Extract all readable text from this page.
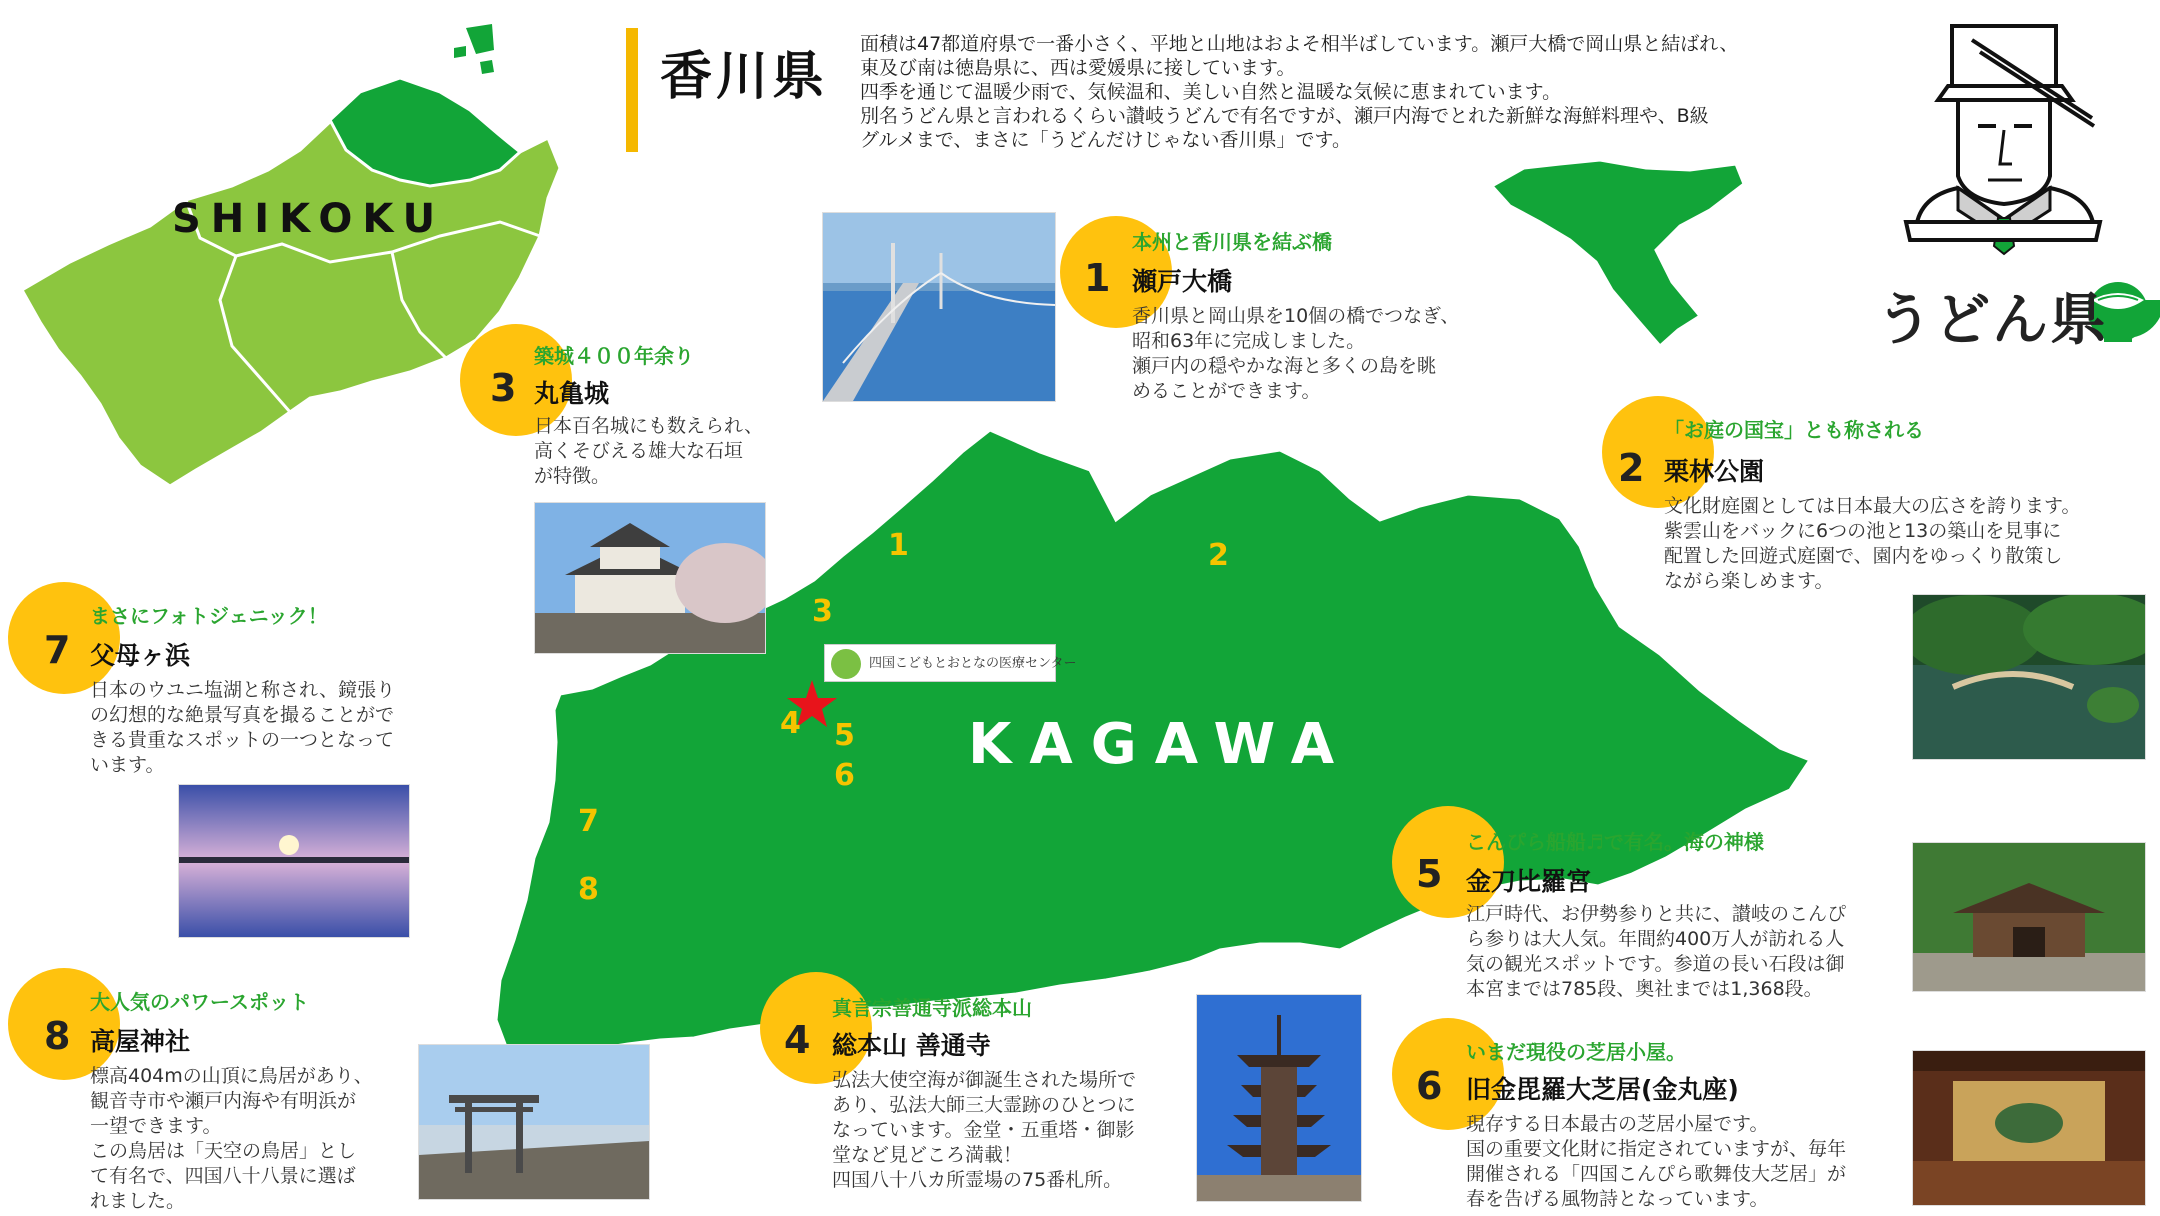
香川県
面積は47都道府県で一番小さく、平地と山地はおよそ相半ばしています。瀬戸大橋で岡山県と結ばれ、
東及び南は徳島県に、西は愛媛県に接しています。
四季を通じて温暖少雨で、気候温和、美しい自然と温暖な気候に恵まれています。
別名うどん県と言われるくらい讃岐うどんで有名ですが、瀬戸内海でとれた新鮮な海鮮料理や、B級
グルメまで、まさに「うどんだけじゃない香川県」です。
うどん県
SHIKOKU
KAGAWA
四国こどもとおとなの医療センター
1	2
3
4 5
6
7
8
1
本州と香川県を結ぶ橋
瀬戸大橋
香川県と岡山県を10個の橋でつなぎ、
昭和63年に完成しました。
瀬戸内の穏やかな海と多くの島を眺
めることができます。
2
「お庭の国宝」とも称される
栗林公園
文化財庭園としては日本最大の広さを誇ります。
紫雲山をバックに6つの池と13の築山を見事に
配置した回遊式庭園で、園内をゆっくり散策し
ながら楽しめます。
3
築城４００年余り
丸亀城
日本百名城にも数えられ、
高くそびえる雄大な石垣
が特徴。
4
真言宗善通寺派総本山
総本山 善通寺
弘法大使空海が御誕生された場所で
あり、弘法大師三大霊跡のひとつに
なっています。金堂・五重塔・御影
堂など見どころ満載！
四国八十八カ所霊場の75番札所。
5
こんぴら船船♬で有名。海の神様
金刀比羅宮
江戸時代、お伊勢参りと共に、讃岐のこんぴ
ら参りは大人気。年間約400万人が訪れる人
気の観光スポットです。参道の長い石段は御
本宮までは785段、奥社までは1,368段。
6
いまだ現役の芝居小屋。
旧金毘羅大芝居(金丸座)
現存する日本最古の芝居小屋です。
国の重要文化財に指定されていますが、毎年
開催される「四国こんぴら歌舞伎大芝居」が
春を告げる風物詩となっています。
7
まさにフォトジェニック！
父母ヶ浜
日本のウユニ塩湖と称され、鏡張り
の幻想的な絶景写真を撮ることがで
きる貴重なスポットの一つとなって
います。
8
大人気のパワースポット
高屋神社
標高404mの山頂に鳥居があり、
観音寺市や瀬戸内海や有明浜が
一望できます。
この鳥居は「天空の鳥居」とし
て有名で、四国八十八景に選ば
れました。
